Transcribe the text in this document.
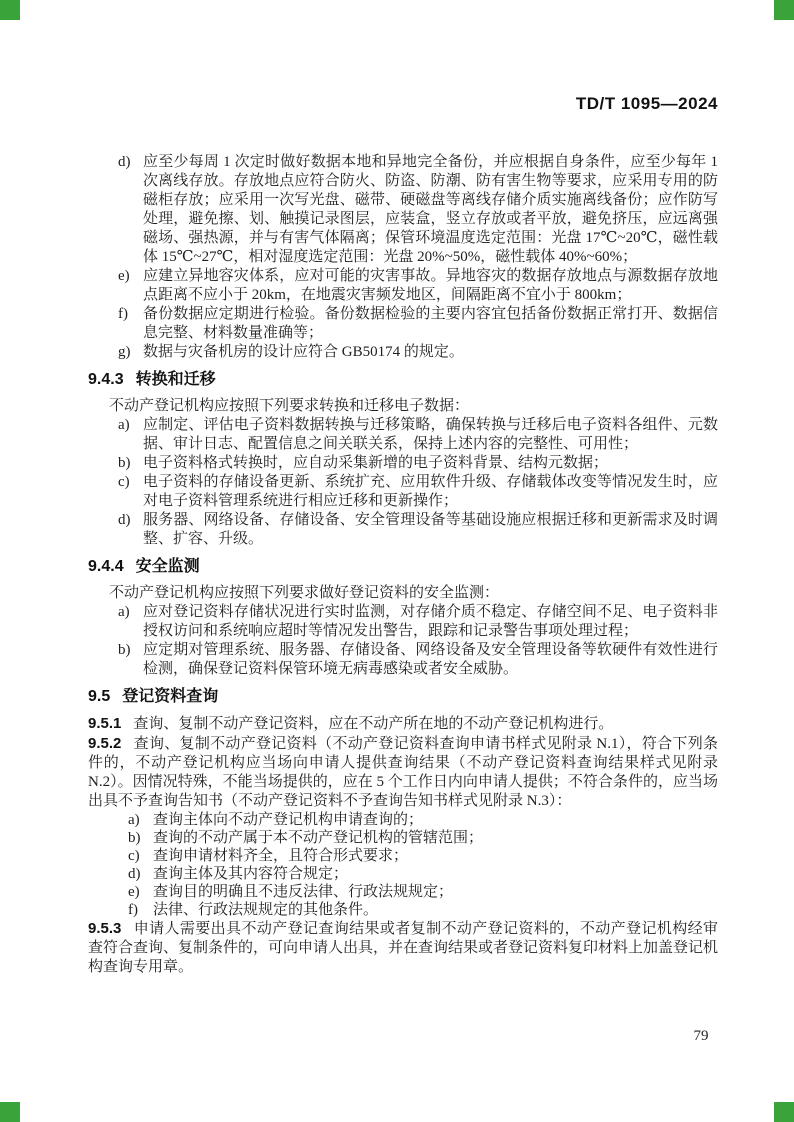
TD/T 1095—2024
d) 应至少每周 1 次定时做好数据本地和异地完全备份，并应根据自身条件，应至少每年 1 次离线存放。存放地点应符合防火、防盗、防潮、防有害生物等要求，应采用专用的防磁柜存放；应采用一次写光盘、磁带、硬磁盘等离线存储介质实施离线备份；应作防写处理，避免擦、划、触摸记录图层，应装盒，竖立存放或者平放，避免挤压，应远离强磁场、强热源，并与有害气体隔离；保管环境温度选定范围：光盘 17℃~20℃，磁性载体 15℃~27℃，相对湿度选定范围：光盘 20%~50%，磁性载体 40%~60%；
e) 应建立异地容灾体系，应对可能的灾害事故。异地容灾的数据存放地点与源数据存放地点距离不应小于 20km，在地震灾害频发地区，间隔距离不宜小于 800km；
f)	备份数据应定期进行检验。备份数据检验的主要内容宜包括备份数据正常打开、数据信息完整、材料数量准确等；
g) 数据与灾备机房的设计应符合 GB50174 的规定。
9.4.3 转换和迁移

不动产登记机构应按照下列要求转换和迁移电子数据：

a) 应制定、评估电子资料数据转换与迁移策略，确保转换与迁移后电子资料各组件、元数据、审计日志、配置信息之间关联关系，保持上述内容的完整性、可用性；
b) 电子资料格式转换时，应自动采集新增的电子资料背景、结构元数据；
c) 电子资料的存储设备更新、系统扩充、应用软件升级、存储载体改变等情况发生时，应对电子资料管理系统进行相应迁移和更新操作；
d) 服务器、网络设备、存储设备、安全管理设备等基础设施应根据迁移和更新需求及时调整、扩容、升级。
9.4.4 安全监测

不动产登记机构应按照下列要求做好登记资料的安全监测：

a) 应对登记资料存储状况进行实时监测，对存储介质不稳定、存储空间不足、电子资料非授权访问和系统响应超时等情况发出警告，跟踪和记录警告事项处理过程；
b) 应定期对管理系统、服务器、存储设备、网络设备及安全管理设备等软硬件有效性进行检测，确保登记资料保管环境无病毒感染或者安全威胁。
9.5 登记资料查询

9.5.1 查询、复制不动产登记资料，应在不动产所在地的不动产登记机构进行。

9.5.2 查询、复制不动产登记资料（不动产登记资料查询申请书样式见附录 N.1），符合下列条件的，不动产登记机构应当场向申请人提供查询结果（不动产登记资料查询结果样式见附录 N.2）。因情况特殊，不能当场提供的，应在 5 个工作日内向申请人提供；不符合条件的，应当场出具不予查询告知书（不动产登记资料不予查询告知书样式见附录 N.3）：

a) 查询主体向不动产登记机构申请查询的；
b) 查询的不动产属于本不动产登记机构的管辖范围；
c) 查询申请材料齐全，且符合形式要求；
d) 查询主体及其内容符合规定；
e) 查询目的明确且不违反法律、行政法规规定；
f)	法律、行政法规规定的其他条件。

9.5.3 申请人需要出具不动产登记查询结果或者复制不动产登记资料的，不动产登记机构经审查符合查询、复制条件的，可向申请人出具，并在查询结果或者登记资料复印材料上加盖登记机构查询专用章。

79
